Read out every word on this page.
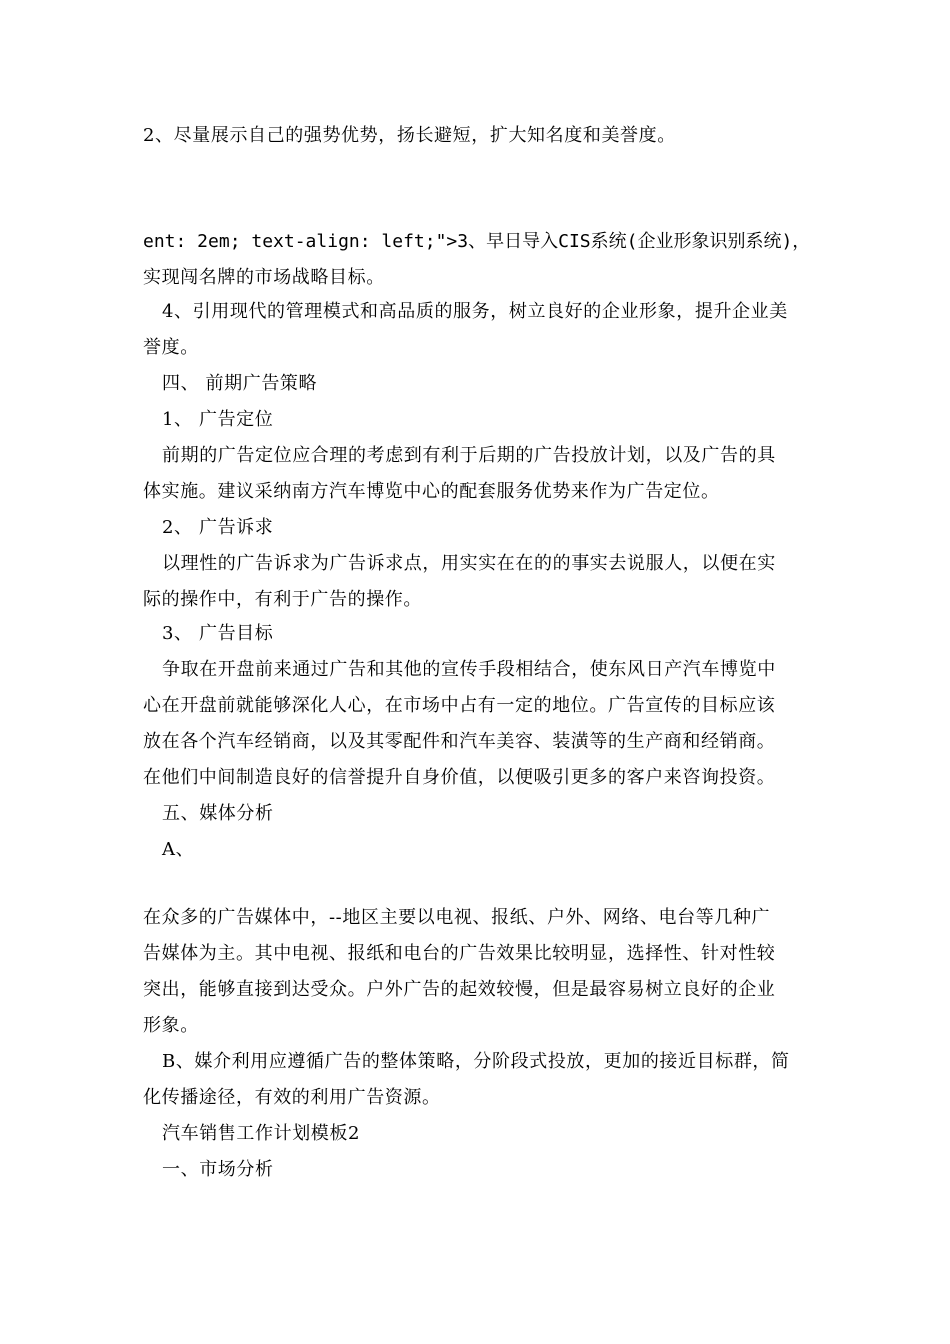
2、尽量展示自己的强势优势，扬长避短，扩大知名度和美誉度。
ent: 2em; text-align: left;">3、早日导入CIS系统(企业形象识别系统)，
实现闯名牌的市场战略目标。
4、引用现代的管理模式和高品质的服务，树立良好的企业形象，提升企业美
誉度。
四、 前期广告策略
1、 广告定位
前期的广告定位应合理的考虑到有利于后期的广告投放计划，以及广告的具
体实施。建议采纳南方汽车博览中心的配套服务优势来作为广告定位。
2、 广告诉求
以理性的广告诉求为广告诉求点，用实实在在的的事实去说服人，以便在实
际的操作中，有利于广告的操作。
3、 广告目标
争取在开盘前来通过广告和其他的宣传手段相结合，使东风日产汽车博览中
心在开盘前就能够深化人心，在市场中占有一定的地位。广告宣传的目标应该
放在各个汽车经销商，以及其零配件和汽车美容、装潢等的生产商和经销商。
在他们中间制造良好的信誉提升自身价值，以便吸引更多的客户来咨询投资。
五、媒体分析
A、
在众多的广告媒体中，--地区主要以电视、报纸、户外、网络、电台等几种广
告媒体为主。其中电视、报纸和电台的广告效果比较明显，选择性、针对性较
突出，能够直接到达受众。户外广告的起效较慢，但是最容易树立良好的企业
形象。
B、媒介利用应遵循广告的整体策略，分阶段式投放，更加的接近目标群，简
化传播途径，有效的利用广告资源。
汽车销售工作计划模板2
一、市场分析
